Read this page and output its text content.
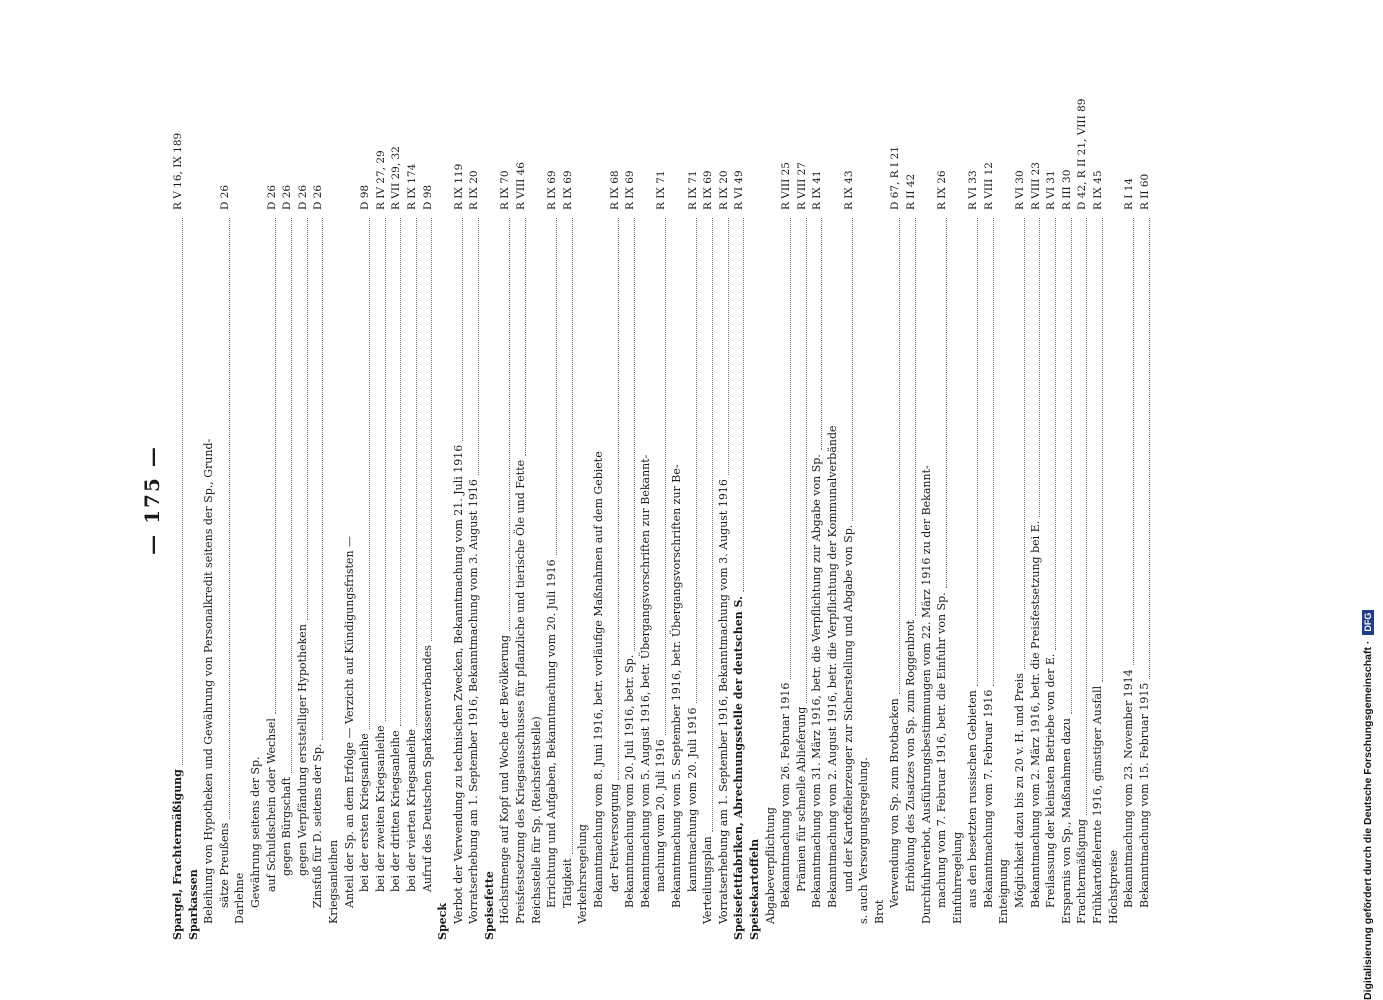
— 175 —
Spargel, Frachtermäßigung
R V 16, IX 189
Sparkassen Beleihung von Hypotheken und Gewährung von Personalkredit seitens der Sp., Grund- sätze Preußens
D 26
Darlehne Gewährung seitens der Sp. auf Schuldschein oder Wechsel
D 26
gegen Bürgschaft
D 26
gegen Verpfändung erststelliger Hypotheken
D 26
Zinsfuß für D. seitens der Sp.
D 26
Kriegsanleihen Anteil der Sp. an dem Erfolge — Verzicht auf Kündigungsfristen — bei der ersten Kriegsanleihe
D 98
bei der zweiten Kriegsanleihe
R IV 27, 29
bei der dritten Kriegsanleihe
R VII 29, 32
bei der vierten Kriegsanleihe
R IX 174
Aufruf des Deutschen Sparkassenverbandes
D 98
Speck Verbot der Verwendung zu technischen Zwecken, Bekanntmachung vom 21. Juli 1916
R IX 119
Vorratserhebung am 1. September 1916, Bekanntmachung vom 3. August 1916
R IX 20
Speisefette Höchstmenge auf Kopf und Woche der Bevölkerung
R IX 70
Preisfestsetzung des Kriegsausschusses für pflanzliche und tierische Öle und Fette
R VIII 46
Reichsstelle für Sp. (Reichsfettstelle) Errichtung und Aufgaben, Bekanntmachung vom 20. Juli 1916
R IX 69
Tätigkeit
R IX 69
Verkehrsregelung Bekanntmachung vom 8. Juni 1916, betr. vorläufige Maßnahmen auf dem Gebiete der Fettversorgung
R IX 68
Bekanntmachung vom 20. Juli 1916, betr. Sp.
R IX 69
Bekanntmachung vom 5. August 1916, betr. Übergangsvorschriften zur Bekannt- machung vom 20. Juli 1916
R IX 71
Bekanntmachung vom 5. September 1916, betr. Übergangsvorschriften zur Be- kanntmachung vom 20. Juli 1916
R IX 71
Verteilungsplan
R IX 69
Vorratserhebung am 1. September 1916, Bekanntmachung vom 3. August 1916
R IX 20
Speisefettfabriken, Abrechnungsstelle der deutschen S.
R VI 49
Speisekartoffeln Abgabeverpflichtung Bekanntmachung vom 26. Februar 1916
R VIII 25
Prämien für schnelle Ablieferung
R VIII 27
Bekanntmachung vom 31. März 1916, betr. die Verpflichtung zur Abgabe von Sp.
R IX 41
Bekanntmachung vom 2. August 1916, betr. die Verpflichtung der Kommunalverbände und der Kartoffelerzeuger zur Sicherstellung und Abgabe von Sp.
R IX 43
s. auch Versorgungsregelung. Brot
Verwendung von Sp. zum Brotbacken
D 67, R I 21
Erhöhung des Zusatzes von Sp. zum Roggenbrot
R II 42
Durchfuhrverbot, Ausführungsbestimmungen vom 22. März 1916 zu der Bekannt- machung vom 7. Februar 1916, betr. die Einfuhr von Sp.
R IX 26
Einfuhrregelung aus den besetzten russischen Gebieten
R VI 33
Bekanntmachung vom 7. Februar 1916
R VIII 12
Enteignung Möglichkeit dazu bis zu 20 v. H. und Preis
R VI 30
Bekanntmachung vom 2. März 1916, betr. die Preisfestsetzung bei E.
R VIII 23
Freilassung der kleinsten Betriebe von der E.
R VI 31
Ersparnis von Sp., Maßnahmen dazu
R III 30
Frachtermäßigung
D 42, R II 21, VIII 89
Frühkartoffelernte 1916, günstiger Ausfall
R IX 45
Höchstpreise Bekanntmachung vom 23. November 1914
R I 14
Bekanntmachung vom 15. Februar 1915
R II 60
Digitalisierung gefördert durch die Deutsche Forschungsgemeinschaft ·
DFG
